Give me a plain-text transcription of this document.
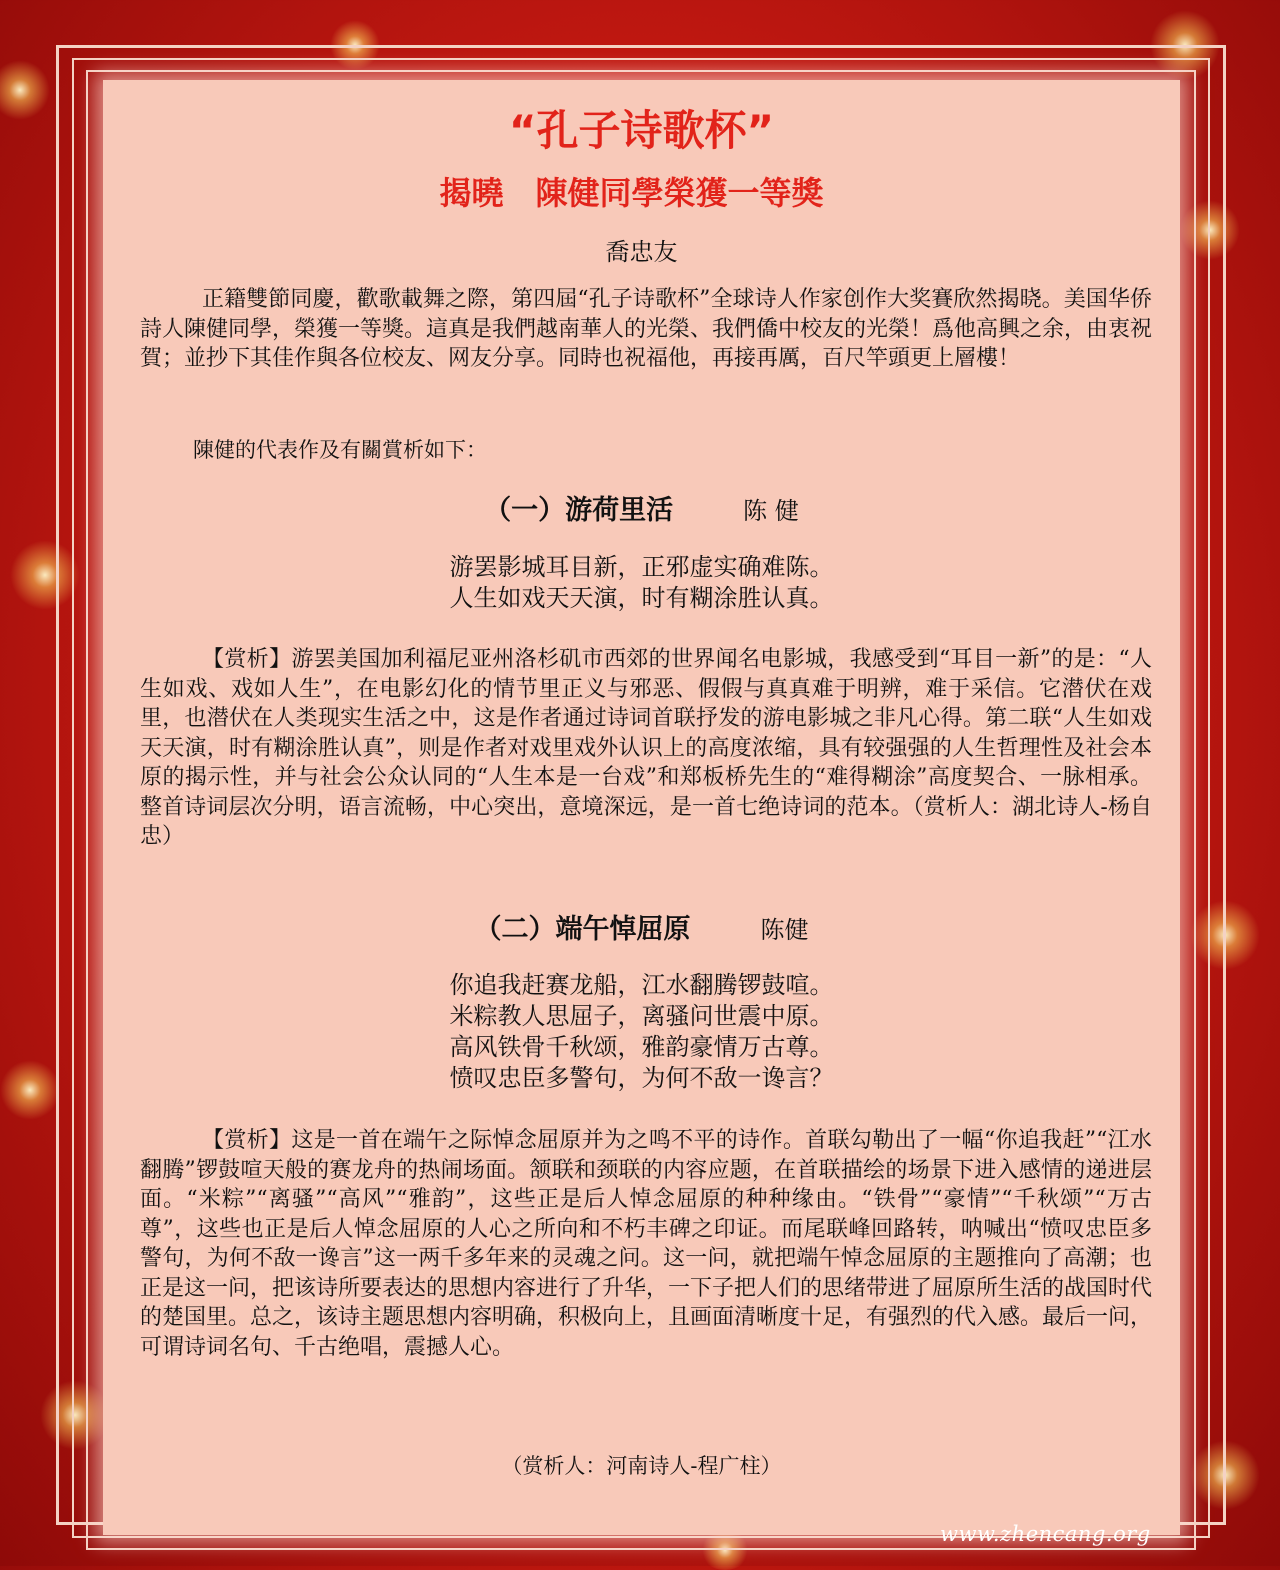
“孔子诗歌杯”
揭曉　陳健同學榮獲一等獎
喬忠友

正籍雙節同慶，歡歌載舞之際，第四屆“孔子诗歌杯”全球诗人作家创作大奖賽欣然揭晓。美国华侨詩人陳健同學，榮獲一等獎。這真是我們越南華人的光榮、我們僑中校友的光榮！爲他高興之余，由衷祝賀；並抄下其佳作與各位校友、网友分享。同時也祝福他，再接再厲，百尺竿頭更上層樓！

陳健的代表作及有關賞析如下：
（一）游荷里活	陈 健
游罢影城耳目新，正邪虚实确难陈。
人生如戏天天演，时有糊涂胜认真。

【赏析】游罢美国加利福尼亚州洛杉矶市西郊的世界闻名电影城，我感受到“耳目一新”的是：“人生如戏、戏如人生”，在电影幻化的情节里正义与邪恶、假假与真真难于明辨，难于采信。它潜伏在戏里，也潜伏在人类现实生活之中，这是作者通过诗词首联抒发的游电影城之非凡心得。第二联“人生如戏天天演，时有糊涂胜认真”，则是作者对戏里戏外认识上的高度浓缩，具有较强强的人生哲理性及社会本原的揭示性，并与社会公众认同的“人生本是一台戏”和郑板桥先生的“难得糊涂”高度契合、一脉相承。整首诗词层次分明，语言流畅，中心突出，意境深远，是一首七绝诗词的范本。（赏析人：湖北诗人-杨自忠）

（二）端午悼屈原	陈健
你追我赶赛龙船，江水翻腾锣鼓喧。
米粽教人思屈子，离骚问世震中原。
高风铁骨千秋颂，雅韵豪情万古尊。
愤叹忠臣多警句，为何不敌一谗言？

【赏析】这是一首在端午之际悼念屈原并为之鸣不平的诗作。首联勾勒出了一幅“你追我赶”“江水翻腾”锣鼓喧天般的赛龙舟的热闹场面。颔联和颈联的内容应题，在首联描绘的场景下进入感情的递进层面。“米粽”“离骚”“高风”“雅韵”，这些正是后人悼念屈原的种种缘由。“铁骨”“豪情”“千秋颂”“万古尊”，这些也正是后人悼念屈原的人心之所向和不朽丰碑之印证。而尾联峰回路转，呐喊出“愤叹忠臣多警句，为何不敌一谗言”这一两千多年来的灵魂之问。这一问，就把端午悼念屈原的主题推向了高潮；也正是这一问，把该诗所要表达的思想内容进行了升华，一下子把人们的思绪带进了屈原所生活的战国时代的楚国里。总之，该诗主题思想内容明确，积极向上，且画面清晰度十足，有强烈的代入感。最后一问，可谓诗词名句、千古绝唱，震撼人心。

（赏析人：河南诗人-程广柱）
www.zhencang.org
